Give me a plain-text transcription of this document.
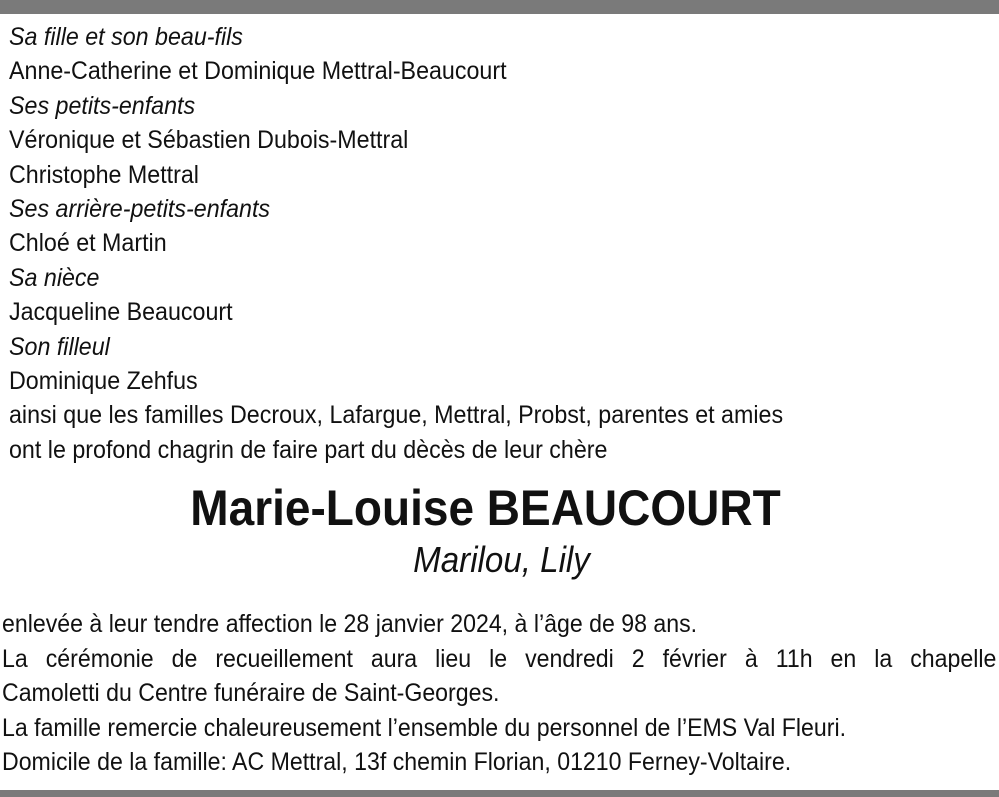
Sa fille et son beau-fils
Anne-Catherine et Dominique Mettral-Beaucourt
Ses petits-enfants
Véronique et Sébastien Dubois-Mettral
Christophe Mettral
Ses arrière-petits-enfants
Chloé et Martin
Sa nièce
Jacqueline Beaucourt
Son filleul
Dominique Zehfus
ainsi que les familles Decroux, Lafargue, Mettral, Probst, parentes et amies
ont le profond chagrin de faire part du dècès de leur chère
Marie-Louise BEAUCOURT
Marilou, Lily
enlevée à leur tendre affection le 28 janvier 2024, à l’âge de 98 ans.
La cérémonie de recueillement aura lieu le vendredi 2 février à 11h en la chapelle
Camoletti du Centre funéraire de Saint-Georges.
La famille remercie chaleureusement l’ensemble du personnel de l’EMS Val Fleuri.
Domicile de la famille: AC Mettral, 13f chemin Florian, 01210 Ferney-Voltaire.
